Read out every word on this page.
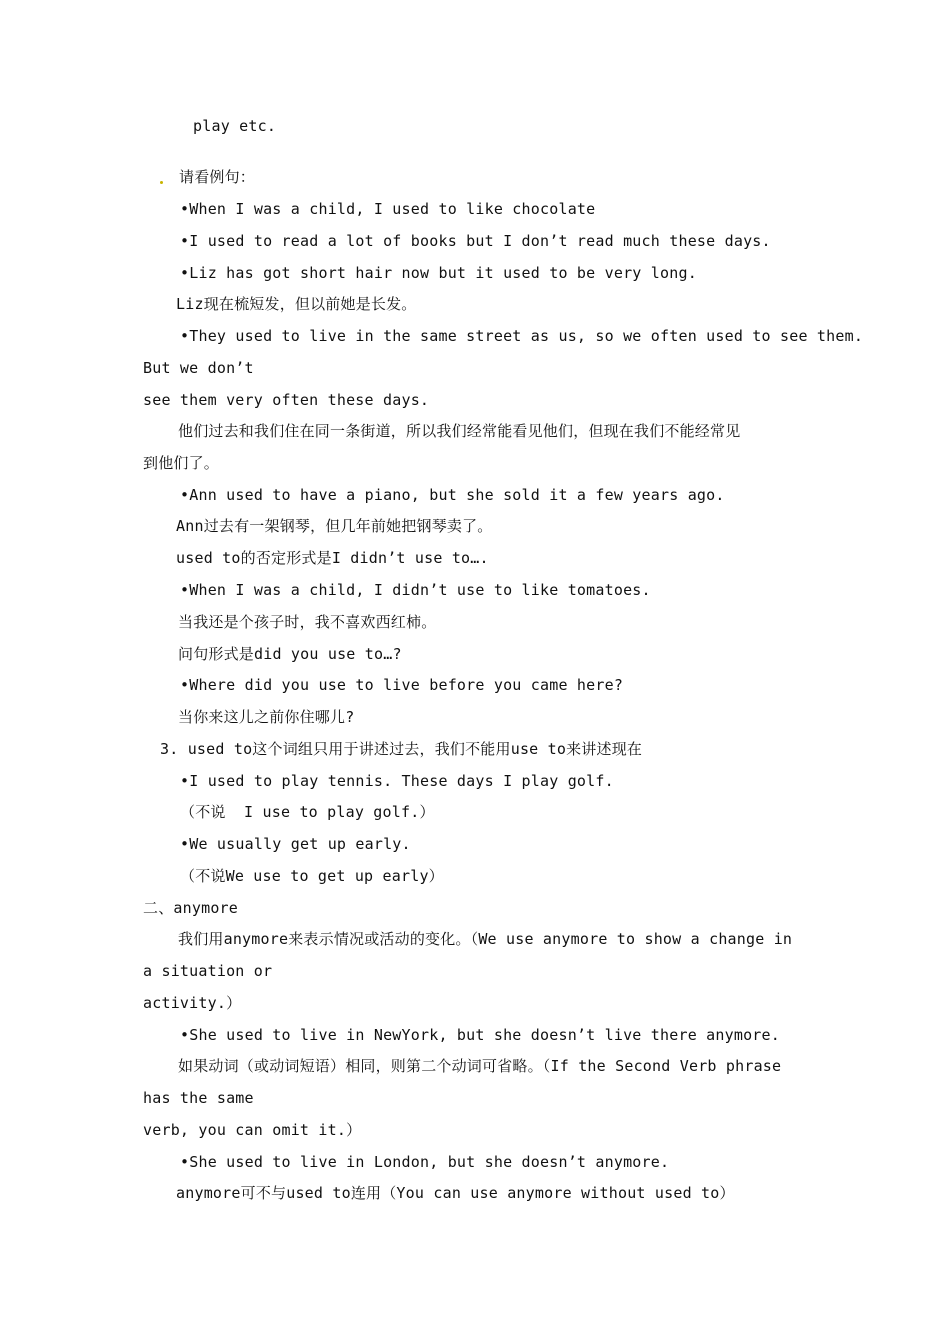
play etc.
请看例句：
•When I was a child, I used to like chocolate
•I used to read a lot of books but I don’t read much these days.
•Liz has got short hair now but it used to be very long.
Liz现在梳短发，但以前她是长发。
•They used to live in the same street as us, so we often used to see them.
But we don’t
see them very often these days.
他们过去和我们住在同一条街道，所以我们经常能看见他们，但现在我们不能经常见
到他们了。
•Ann used to have a piano, but she sold it a few years ago.
Ann过去有一架钢琴，但几年前她把钢琴卖了。
used to的否定形式是I didn’t use to….
•When I was a child, I didn’t use to like tomatoes.
当我还是个孩子时，我不喜欢西红柿。
问句形式是did you use to…?
•Where did you use to live before you came here?
当你来这儿之前你住哪儿?
3. used to这个词组只用于讲述过去，我们不能用use to来讲述现在
•I used to play tennis. These days I play golf.
（不说  I use to play golf.）
•We usually get up early.
（不说We use to get up early）
二、anymore
我们用anymore来表示情况或活动的变化。（We use anymore to show a change in
a situation or
activity.）
•She used to live in NewYork, but she doesn’t live there anymore.
如果动词（或动词短语）相同，则第二个动词可省略。（If the Second Verb phrase
has the same
verb, you can omit it.）
•She used to live in London, but she doesn’t anymore.
anymore可不与used to连用（You can use anymore without used to）
